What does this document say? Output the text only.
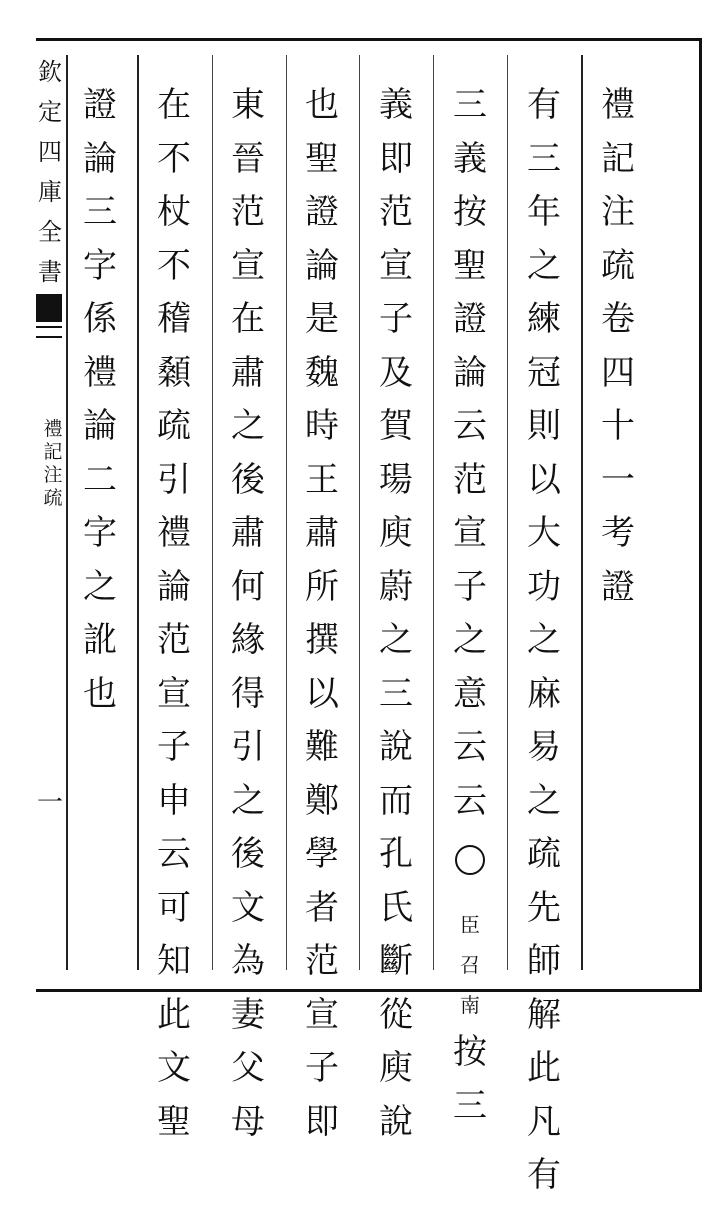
欽
定
四
庫
全
書
禮
記
注
疏
一
禮
記
注
疏
卷
四
十
一
考
證
有
三
年
之
練
冠
則
以
大
功
之
麻
易
之
疏
先
師
解
此
凡
有
三
義
按
聖
證
論
云
范
宣
子
之
意
云
云
臣
召
南
按
三
義
即
范
宣
子
及
賀
瑒
庾
蔚
之
三
說
而
孔
氏
斷
從
庾
說
也
聖
證
論
是
魏
時
王
肅
所
撰
以
難
鄭
學
者
范
宣
子
即
東
晉
范
宣
在
肅
之
後
肅
何
緣
得
引
之
後
文
為
妻
父
母
在
不
杖
不
稽
顙
疏
引
禮
論
范
宣
子
申
云
可
知
此
文
聖
證
論
三
字
係
禮
論
二
字
之
訛
也
